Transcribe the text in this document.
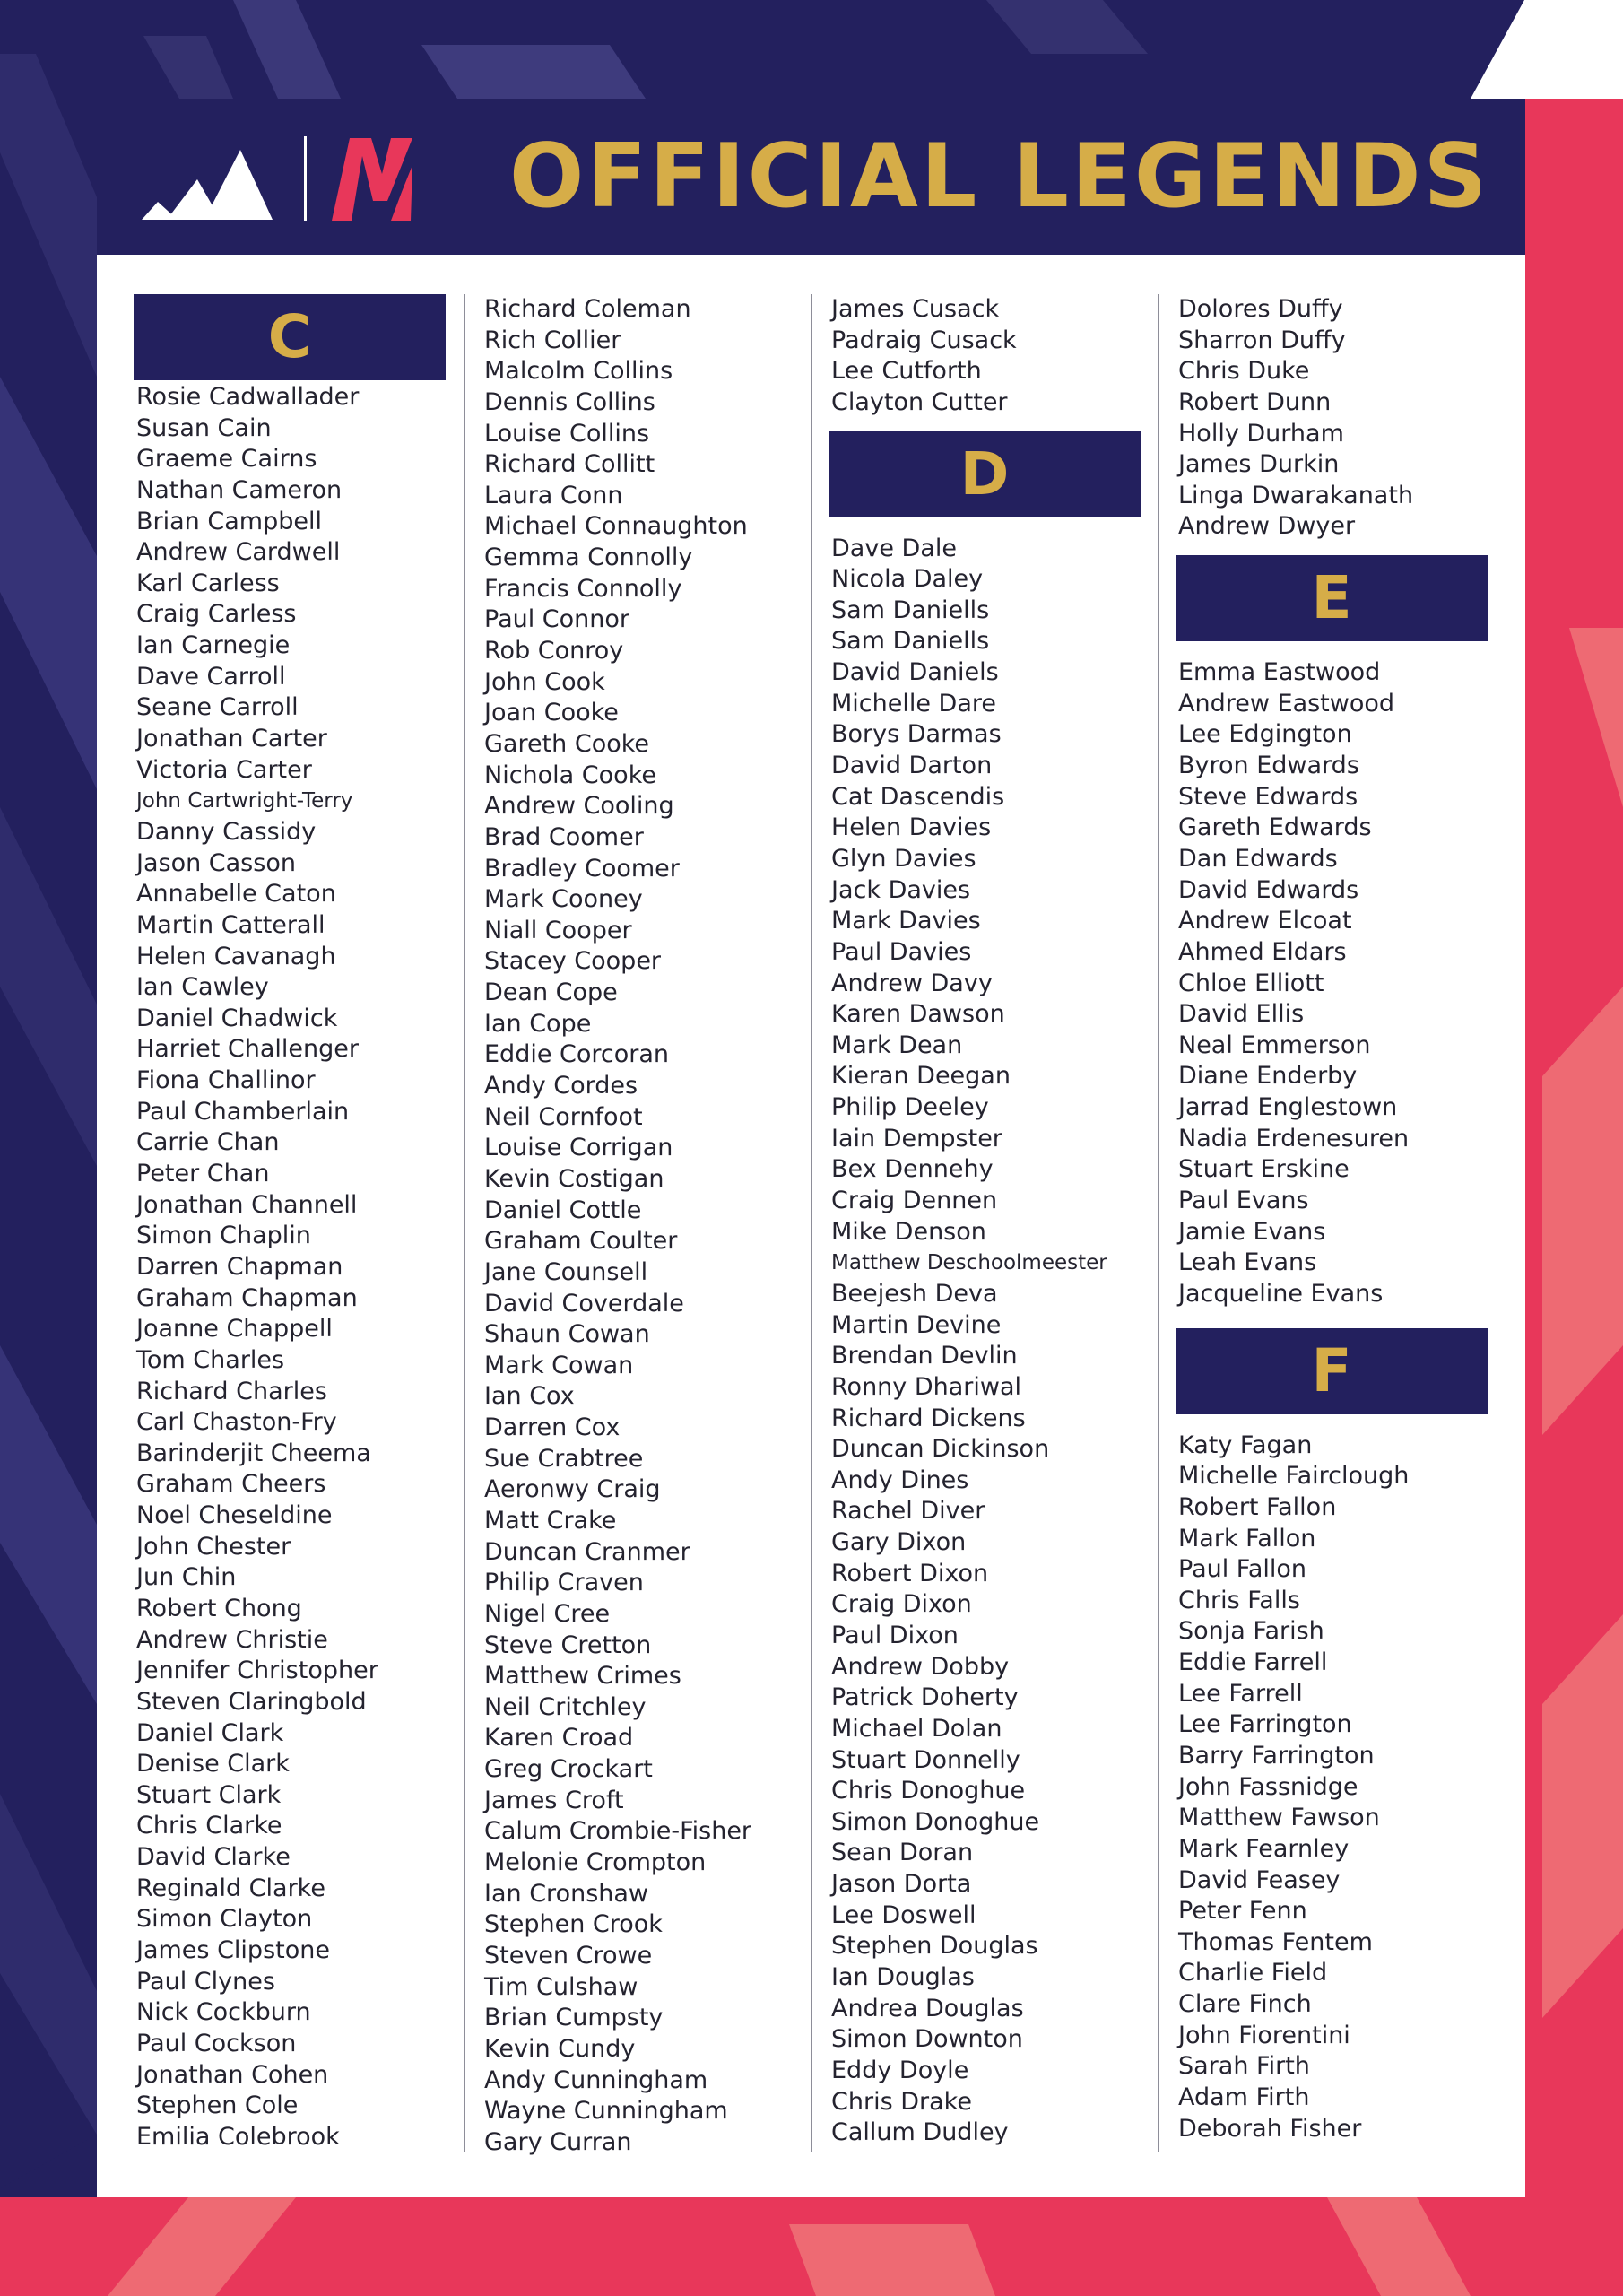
OFFICIAL LEGENDS
C
Rosie Cadwallader
Susan Cain
Graeme Cairns
Nathan Cameron
Brian Campbell
Andrew Cardwell
Karl Carless
Craig Carless
Ian Carnegie
Dave Carroll
Seane Carroll
Jonathan Carter
Victoria Carter
John Cartwright-Terry
Danny Cassidy
Jason Casson
Annabelle Caton
Martin Catterall
Helen Cavanagh
Ian Cawley
Daniel Chadwick
Harriet Challenger
Fiona Challinor
Paul Chamberlain
Carrie Chan
Peter Chan
Jonathan Channell
Simon Chaplin
Darren Chapman
Graham Chapman
Joanne Chappell
Tom Charles
Richard Charles
Carl Chaston-Fry
Barinderjit Cheema
Graham Cheers
Noel Cheseldine
John Chester
Jun Chin
Robert Chong
Andrew Christie
Jennifer Christopher
Steven Claringbold
Daniel Clark
Denise Clark
Stuart Clark
Chris Clarke
David Clarke
Reginald Clarke
Simon Clayton
James Clipstone
Paul Clynes
Nick Cockburn
Paul Cockson
Jonathan Cohen
Stephen Cole
Emilia Colebrook
Richard Coleman
Rich Collier
Malcolm Collins
Dennis Collins
Louise Collins
Richard Collitt
Laura Conn
Michael Connaughton
Gemma Connolly
Francis Connolly
Paul Connor
Rob Conroy
John Cook
Joan Cooke
Gareth Cooke
Nichola Cooke
Andrew Cooling
Brad Coomer
Bradley Coomer
Mark Cooney
Niall Cooper
Stacey Cooper
Dean Cope
Ian Cope
Eddie Corcoran
Andy Cordes
Neil Cornfoot
Louise Corrigan
Kevin Costigan
Daniel Cottle
Graham Coulter
Jane Counsell
David Coverdale
Shaun Cowan
Mark Cowan
Ian Cox
Darren Cox
Sue Crabtree
Aeronwy Craig
Matt Crake
Duncan Cranmer
Philip Craven
Nigel Cree
Steve Cretton
Matthew Crimes
Neil Critchley
Karen Croad
Greg Crockart
James Croft
Calum Crombie-Fisher
Melonie Crompton
Ian Cronshaw
Stephen Crook
Steven Crowe
Tim Culshaw
Brian Cumpsty
Kevin Cundy
Andy Cunningham
Wayne Cunningham
Gary Curran
James Cusack
Padraig Cusack
Lee Cutforth
Clayton Cutter
D
Dave Dale
Nicola Daley
Sam Daniells
Sam Daniells
David Daniels
Michelle Dare
Borys Darmas
David Darton
Cat Dascendis
Helen Davies
Glyn Davies
Jack Davies
Mark Davies
Paul Davies
Andrew Davy
Karen Dawson
Mark Dean
Kieran Deegan
Philip Deeley
Iain Dempster
Bex Dennehy
Craig Dennen
Mike Denson
Matthew Deschoolmeester
Beejesh Deva
Martin Devine
Brendan Devlin
Ronny Dhariwal
Richard Dickens
Duncan Dickinson
Andy Dines
Rachel Diver
Gary Dixon
Robert Dixon
Craig Dixon
Paul Dixon
Andrew Dobby
Patrick Doherty
Michael Dolan
Stuart Donnelly
Chris Donoghue
Simon Donoghue
Sean Doran
Jason Dorta
Lee Doswell
Stephen Douglas
Ian Douglas
Andrea Douglas
Simon Downton
Eddy Doyle
Chris Drake
Callum Dudley
Dolores Duffy
Sharron Duffy
Chris Duke
Robert Dunn
Holly Durham
James Durkin
Linga Dwarakanath
Andrew Dwyer
E
Emma Eastwood
Andrew Eastwood
Lee Edgington
Byron Edwards
Steve Edwards
Gareth Edwards
Dan Edwards
David Edwards
Andrew Elcoat
Ahmed Eldars
Chloe Elliott
David Ellis
Neal Emmerson
Diane Enderby
Jarrad Englestown
Nadia Erdenesuren
Stuart Erskine
Paul Evans
Jamie Evans
Leah Evans
Jacqueline Evans
F
Katy Fagan
Michelle Fairclough
Robert Fallon
Mark Fallon
Paul Fallon
Chris Falls
Sonja Farish
Eddie Farrell
Lee Farrell
Lee Farrington
Barry Farrington
John Fassnidge
Matthew Fawson
Mark Fearnley
David Feasey
Peter Fenn
Thomas Fentem
Charlie Field
Clare Finch
John Fiorentini
Sarah Firth
Adam Firth
Deborah Fisher
